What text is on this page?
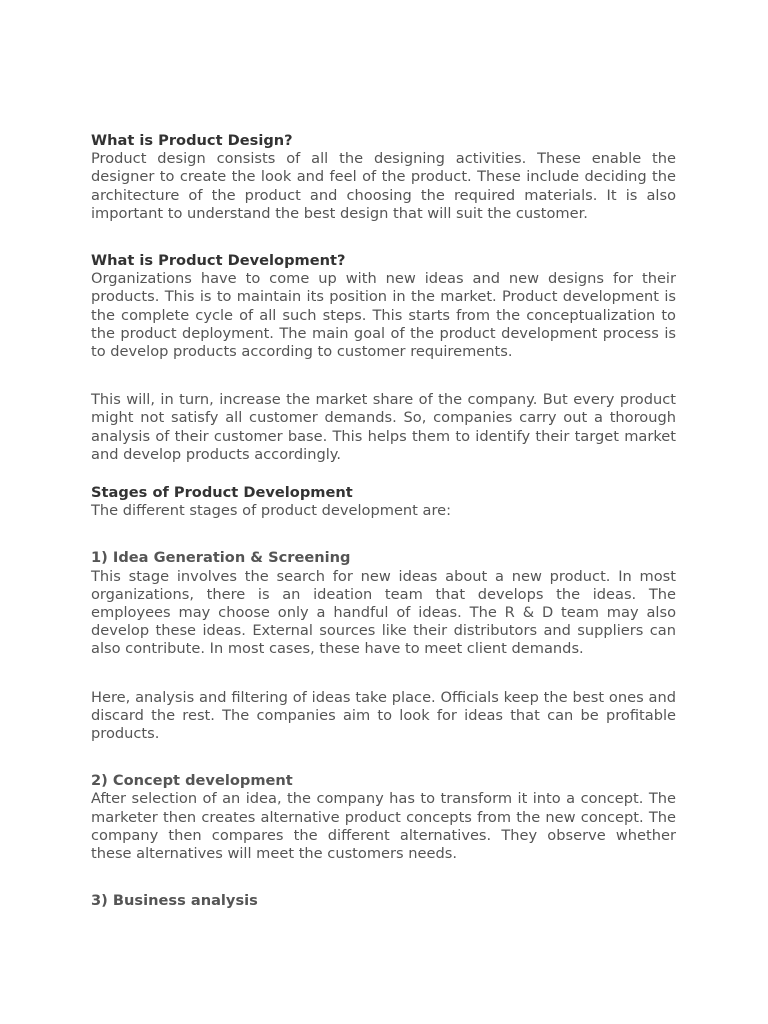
What is Product Design?

Product design consists of all the designing activities. These enable the designer to create the look and feel of the product. These include deciding the architecture of the product and choosing the required materials. It is also important to understand the best design that will suit the customer.

What is Product Development?

Organizations have to come up with new ideas and new designs for their products. This is to maintain its position in the market. Product development is the complete cycle of all such steps. This starts from the conceptualization to the product deployment. The main goal of the product development process is to develop products according to customer requirements.

This will, in turn, increase the market share of the company. But every product might not satisfy all customer demands. So, companies carry out a thorough analysis of their customer base. This helps them to identify their target market and develop products accordingly.

Stages of Product Development

The different stages of product development are:

1) Idea Generation & Screening

This stage involves the search for new ideas about a new product. In most organizations, there is an ideation team that develops the ideas. The employees may choose only a handful of ideas. The R & D team may also develop these ideas. External sources like their distributors and suppliers can also contribute. In most cases, these have to meet client demands.

Here, analysis and filtering of ideas take place. Officials keep the best ones and discard the rest. The companies aim to look for ideas that can be profitable products.

2) Concept development

After selection of an idea, the company has to transform it into a concept. The marketer then creates alternative product concepts from the new concept. The company then compares the different alternatives. They observe whether these alternatives will meet the customers needs.

3) Business analysis
